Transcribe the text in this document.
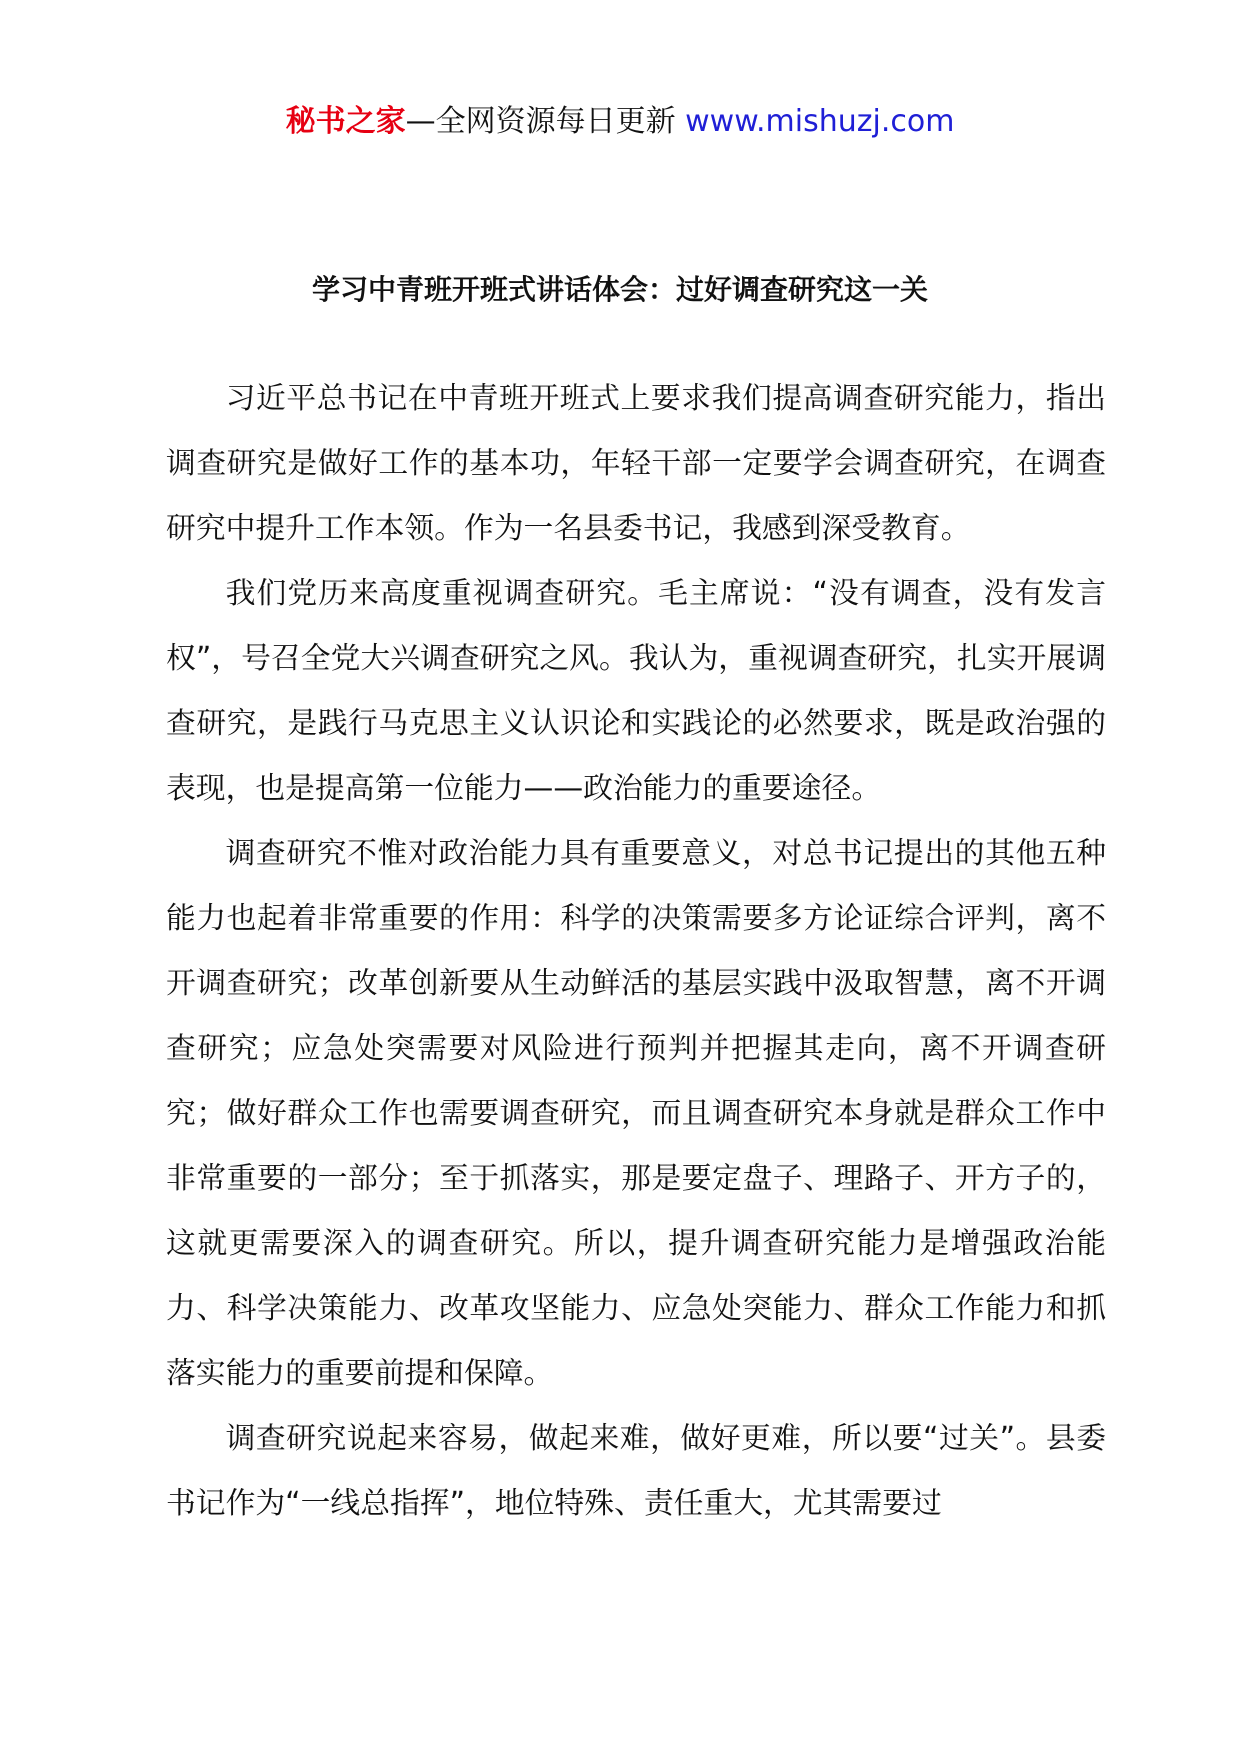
秘书之家—全网资源每日更新 www.mishuzj.com
学习中青班开班式讲话体会：过好调查研究这一关

习近平总书记在中青班开班式上要求我们提高调查研究能力，指出调查研究是做好工作的基本功，年轻干部一定要学会调查研究，在调查研究中提升工作本领。作为一名县委书记，我感到深受教育。

我们党历来高度重视调查研究。毛主席说：“没有调查，没有发言权”，号召全党大兴调查研究之风。我认为，重视调查研究，扎实开展调查研究，是践行马克思主义认识论和实践论的必然要求，既是政治强的表现，也是提高第一位能力——政治能力的重要途径。

调查研究不惟对政治能力具有重要意义，对总书记提出的其他五种能力也起着非常重要的作用：科学的决策需要多方论证综合评判，离不开调查研究；改革创新要从生动鲜活的基层实践中汲取智慧，离不开调查研究；应急处突需要对风险进行预判并把握其走向，离不开调查研究；做好群众工作也需要调查研究，而且调查研究本身就是群众工作中非常重要的一部分；至于抓落实，那是要定盘子、理路子、开方子的，这就更需要深入的调查研究。所以，提升调查研究能力是增强政治能力、科学决策能力、改革攻坚能力、应急处突能力、群众工作能力和抓落实能力的重要前提和保障。

调查研究说起来容易，做起来难，做好更难，所以要“过关”。县委书记作为“一线总指挥”，地位特殊、责任重大，尤其需要过
